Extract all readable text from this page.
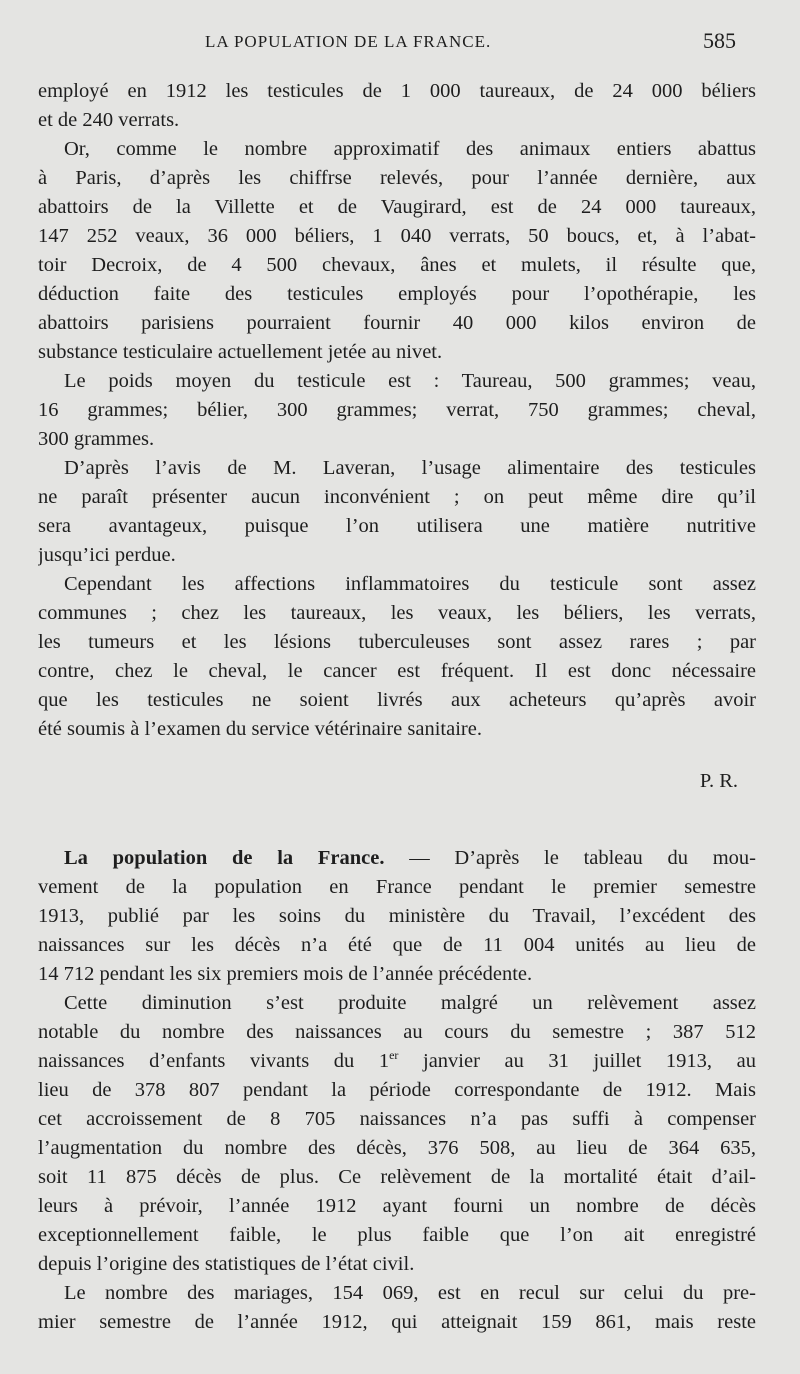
LA POPULATION DE LA FRANCE.	585
employé en 1912 les testicules de 1 000 taureaux, de 24 000 béliers
et de 240 verrats.
Or, comme le nombre approximatif des animaux entiers abattus
à Paris, d’après les chiffrse relevés, pour l’année dernière, aux
abattoirs de la Villette et de Vaugirard, est de 24 000 taureaux,
147 252 veaux, 36 000 béliers, 1 040 verrats, 50 boucs, et, à l’abat-
toir Decroix, de 4 500 chevaux, ânes et mulets, il résulte que,
déduction faite des testicules employés pour l’opothérapie, les
abattoirs parisiens pourraient fournir 40 000 kilos environ de
substance testiculaire actuellement jetée au nivet.
Le poids moyen du testicule est : Taureau, 500 grammes; veau,
16 grammes; bélier, 300 grammes; verrat, 750 grammes; cheval,
300 grammes.
D’après l’avis de M. Laveran, l’usage alimentaire des testicules
ne paraît présenter aucun inconvénient ; on peut même dire qu’il
sera avantageux, puisque l’on utilisera une matière nutritive
jusqu’ici perdue.
Cependant les affections inflammatoires du testicule sont assez
communes ; chez les taureaux, les veaux, les béliers, les verrats,
les tumeurs et les lésions tuberculeuses sont assez rares ; par
contre, chez le cheval, le cancer est fréquent. Il est donc nécessaire
que les testicules ne soient livrés aux acheteurs qu’après avoir
été soumis à l’examen du service vétérinaire sanitaire.
P. R.
La population de la France. — D’après le tableau du mou-
vement de la population en France pendant le premier semestre
1913, publié par les soins du ministère du Travail, l’excédent des
naissances sur les décès n’a été que de 11 004 unités au lieu de
14 712 pendant les six premiers mois de l’année précédente.
Cette diminution s’est produite malgré un relèvement assez
notable du nombre des naissances au cours du semestre ; 387 512
naissances d’enfants vivants du 1er janvier au 31 juillet 1913, au
lieu de 378 807 pendant la période correspondante de 1912. Mais
cet accroissement de 8 705 naissances n’a pas suffi à compenser
l’augmentation du nombre des décès, 376 508, au lieu de 364 635,
soit 11 875 décès de plus. Ce relèvement de la mortalité était d’ail-
leurs à prévoir, l’année 1912 ayant fourni un nombre de décès
exceptionnellement faible, le plus faible que l’on ait enregistré
depuis l’origine des statistiques de l’état civil.
Le nombre des mariages, 154 069, est en recul sur celui du pre-
mier semestre de l’année 1912, qui atteignait 159 861, mais reste
